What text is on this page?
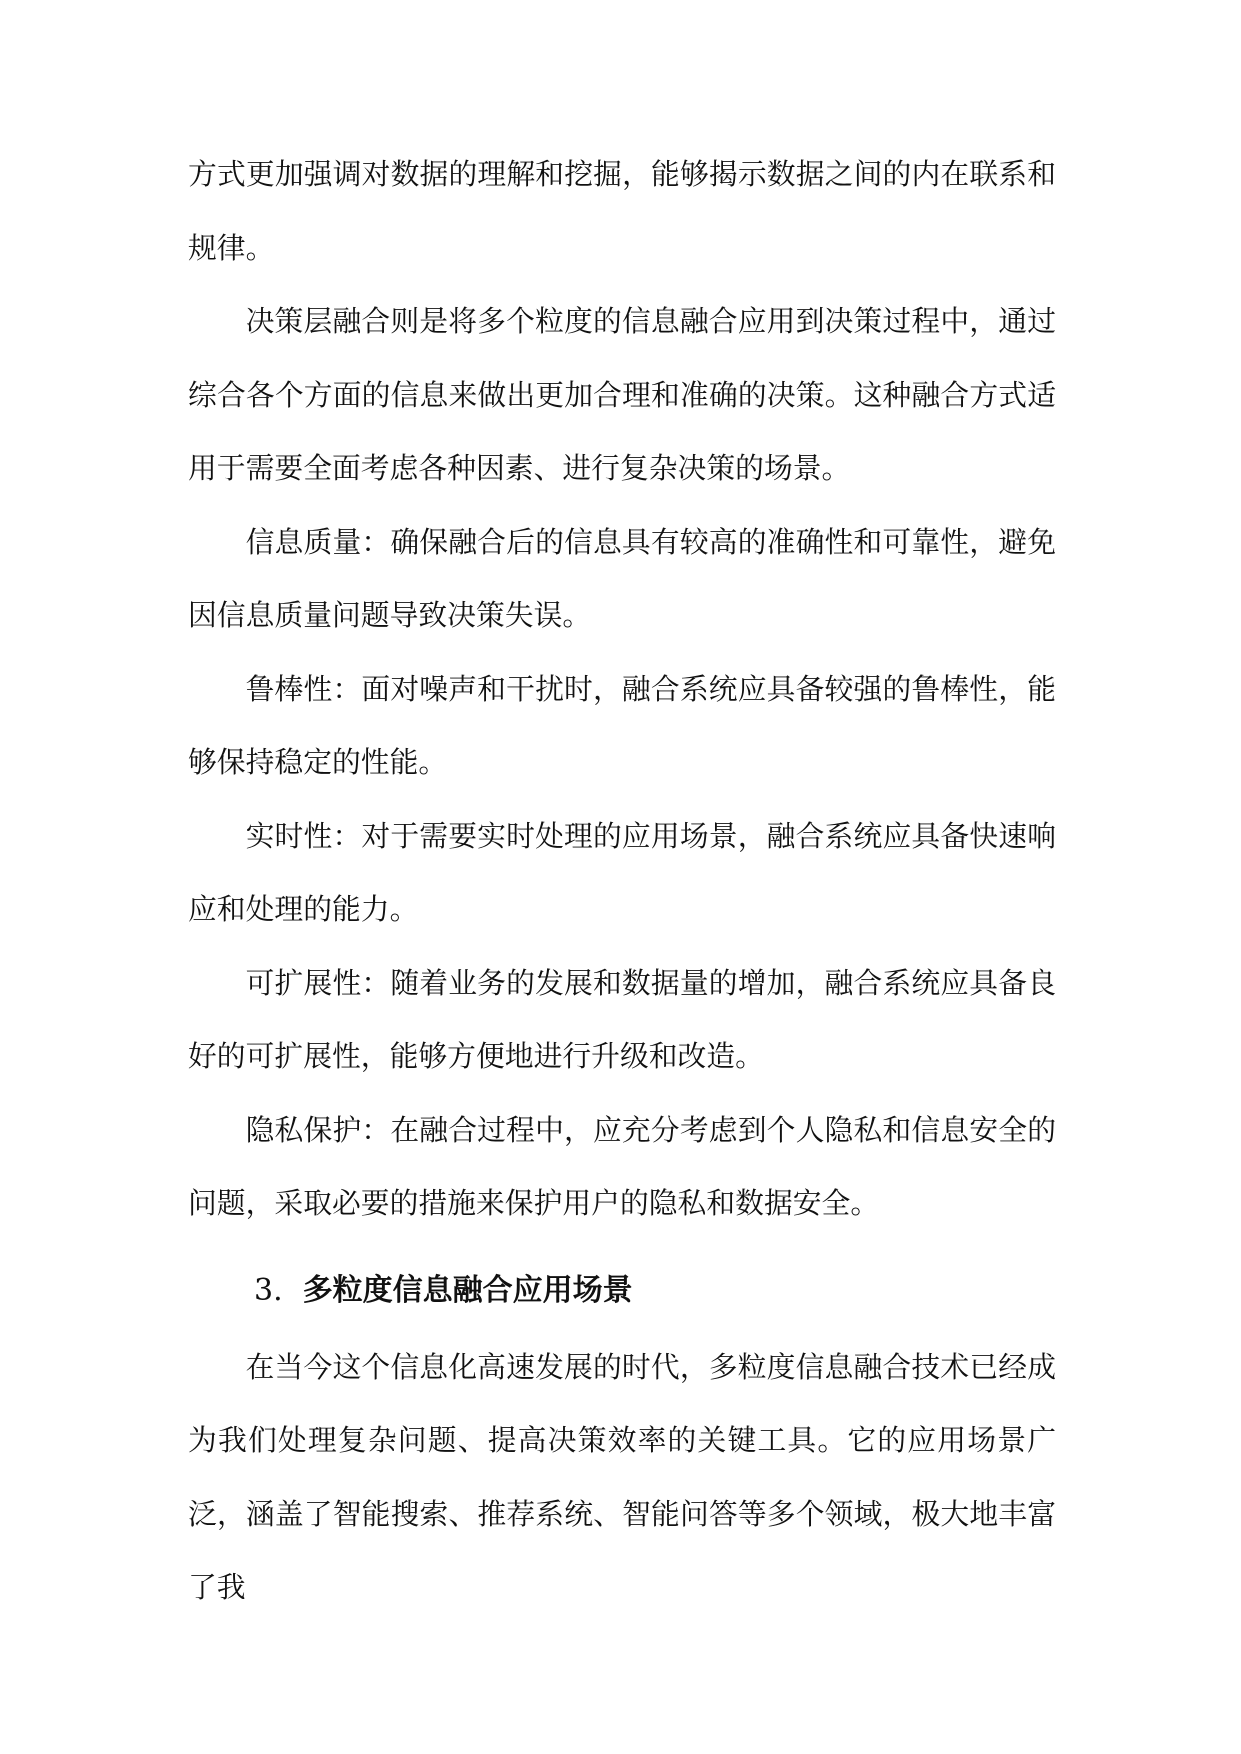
方式更加强调对数据的理解和挖掘，能够揭示数据之间的内在联系和规律。

决策层融合则是将多个粒度的信息融合应用到决策过程中，通过综合各个方面的信息来做出更加合理和准确的决策。这种融合方式适用于需要全面考虑各种因素、进行复杂决策的场景。

信息质量：确保融合后的信息具有较高的准确性和可靠性，避免因信息质量问题导致决策失误。

鲁棒性：面对噪声和干扰时，融合系统应具备较强的鲁棒性，能够保持稳定的性能。

实时性：对于需要实时处理的应用场景，融合系统应具备快速响应和处理的能力。

可扩展性：随着业务的发展和数据量的增加，融合系统应具备良好的可扩展性，能够方便地进行升级和改造。

隐私保护：在融合过程中，应充分考虑到个人隐私和信息安全的问题，采取必要的措施来保护用户的隐私和数据安全。

3. 多粒度信息融合应用场景

在当今这个信息化高速发展的时代，多粒度信息融合技术已经成为我们处理复杂问题、提高决策效率的关键工具。它的应用场景广泛，涵盖了智能搜索、推荐系统、智能问答等多个领域，极大地丰富了我
